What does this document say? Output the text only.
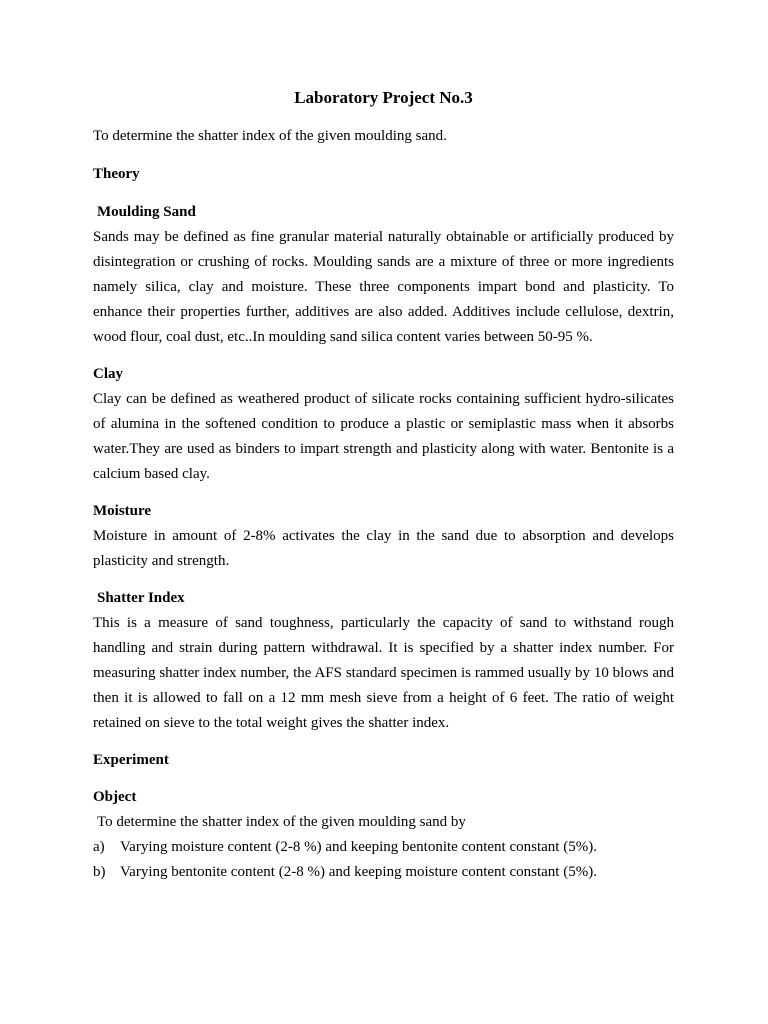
Laboratory Project No.3

To determine the shatter index of the given moulding sand.

Theory

Moulding Sand

Sands may be defined as fine granular material naturally obtainable or artificially produced by disintegration or crushing of rocks. Moulding sands are a mixture of three or more ingredients namely silica, clay and moisture. These three components impart bond and plasticity. To enhance their properties further, additives are also added. Additives include cellulose, dextrin, wood flour, coal dust, etc..In moulding sand silica content varies between 50-95 %.

Clay

Clay can be defined as weathered product of silicate rocks containing sufficient hydro-silicates of alumina in the softened condition to produce a plastic or semiplastic mass when it absorbs water.They are used as binders to impart strength and plasticity along with water. Bentonite is a calcium based clay.

Moisture

Moisture in amount of 2-8% activates the clay in the sand due to absorption and develops plasticity and strength.

Shatter Index

This is a measure of sand toughness, particularly the capacity of sand to withstand rough handling and strain during pattern withdrawal. It is specified by a shatter index number. For measuring shatter index number, the AFS standard specimen is rammed usually by 10 blows and then it is allowed to fall on a 12 mm mesh sieve from a height of 6 feet. The ratio of weight retained on sieve to the total weight gives the shatter index.

Experiment

Object

To determine the shatter index of the given moulding sand by

a)	Varying moisture content (2-8 %) and keeping bentonite content constant (5%).
b) Varying bentonite content (2-8 %) and keeping moisture content constant (5%).
